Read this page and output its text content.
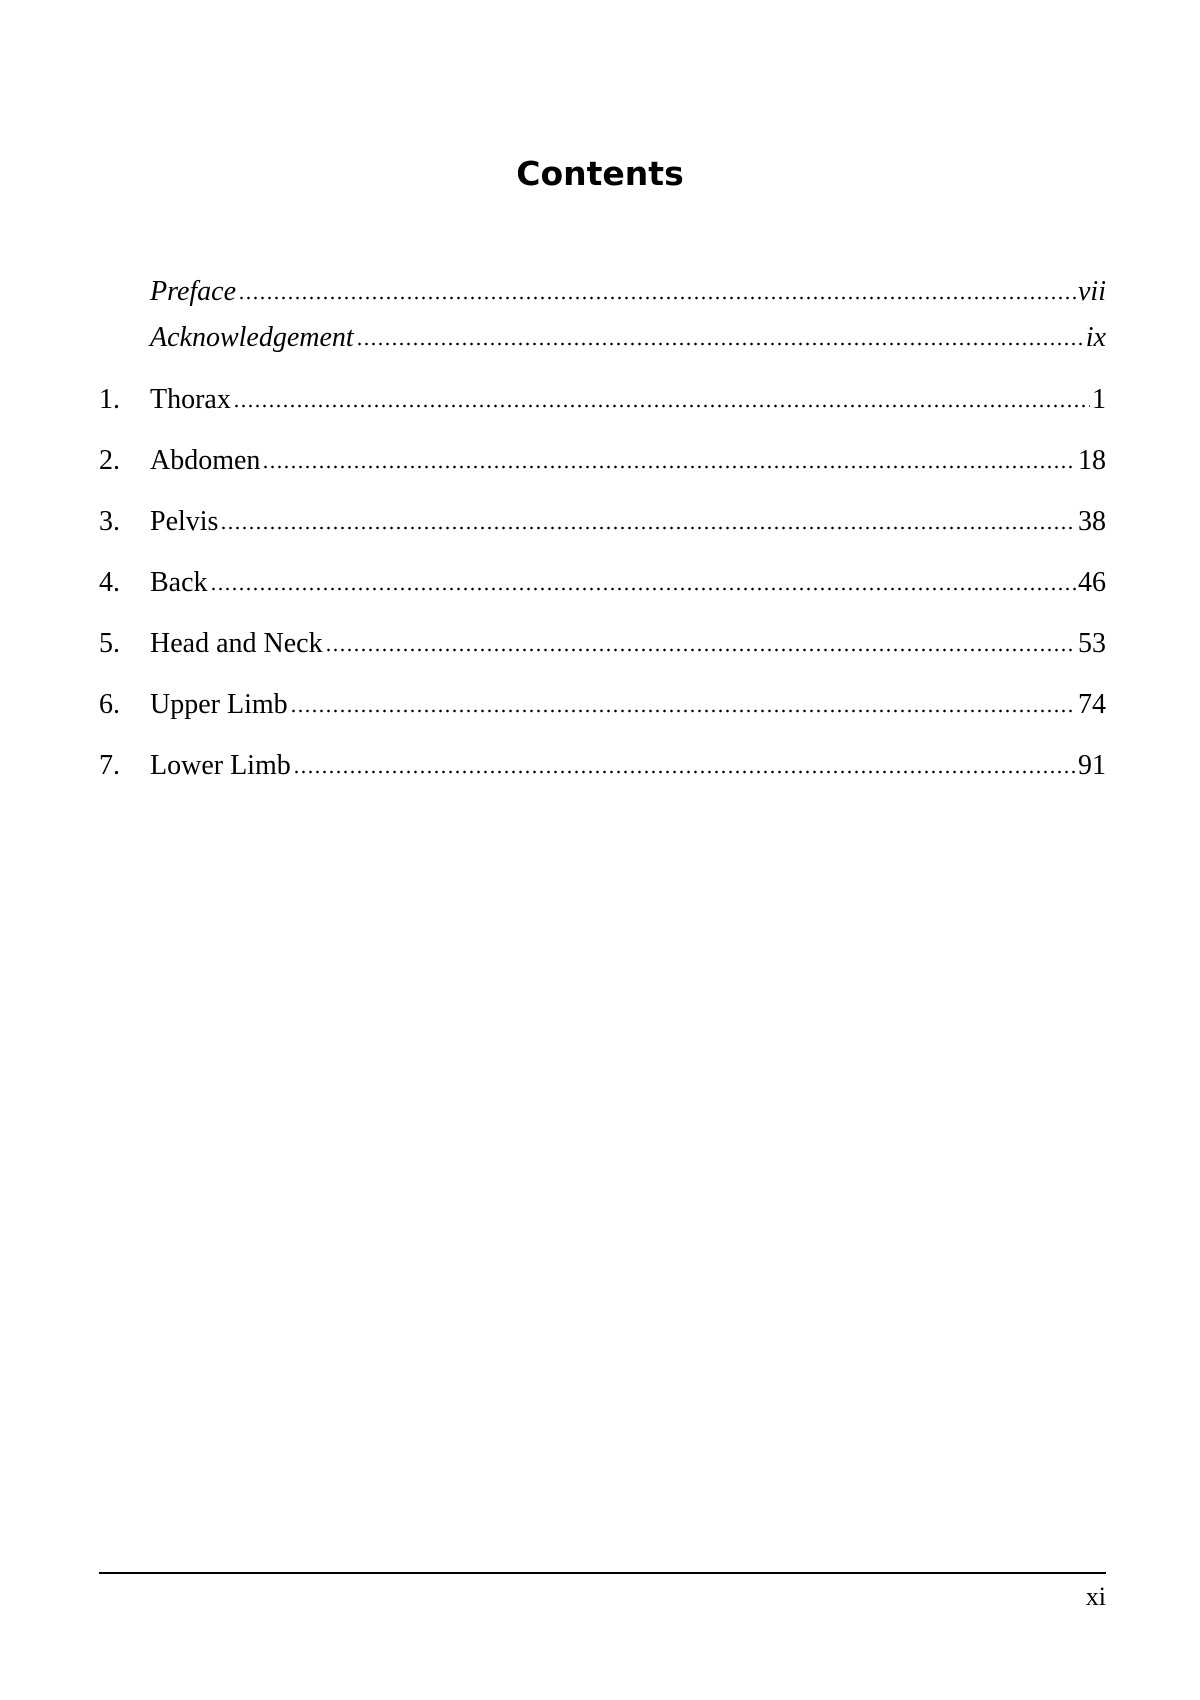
Contents
Preface	vii
Acknowledgement	ix
1. Thorax	1
2. Abdomen	18
3. Pelvis	38
4. Back	46
5. Head and Neck	53
6. Upper Limb	74
7. Lower Limb	91
xi
